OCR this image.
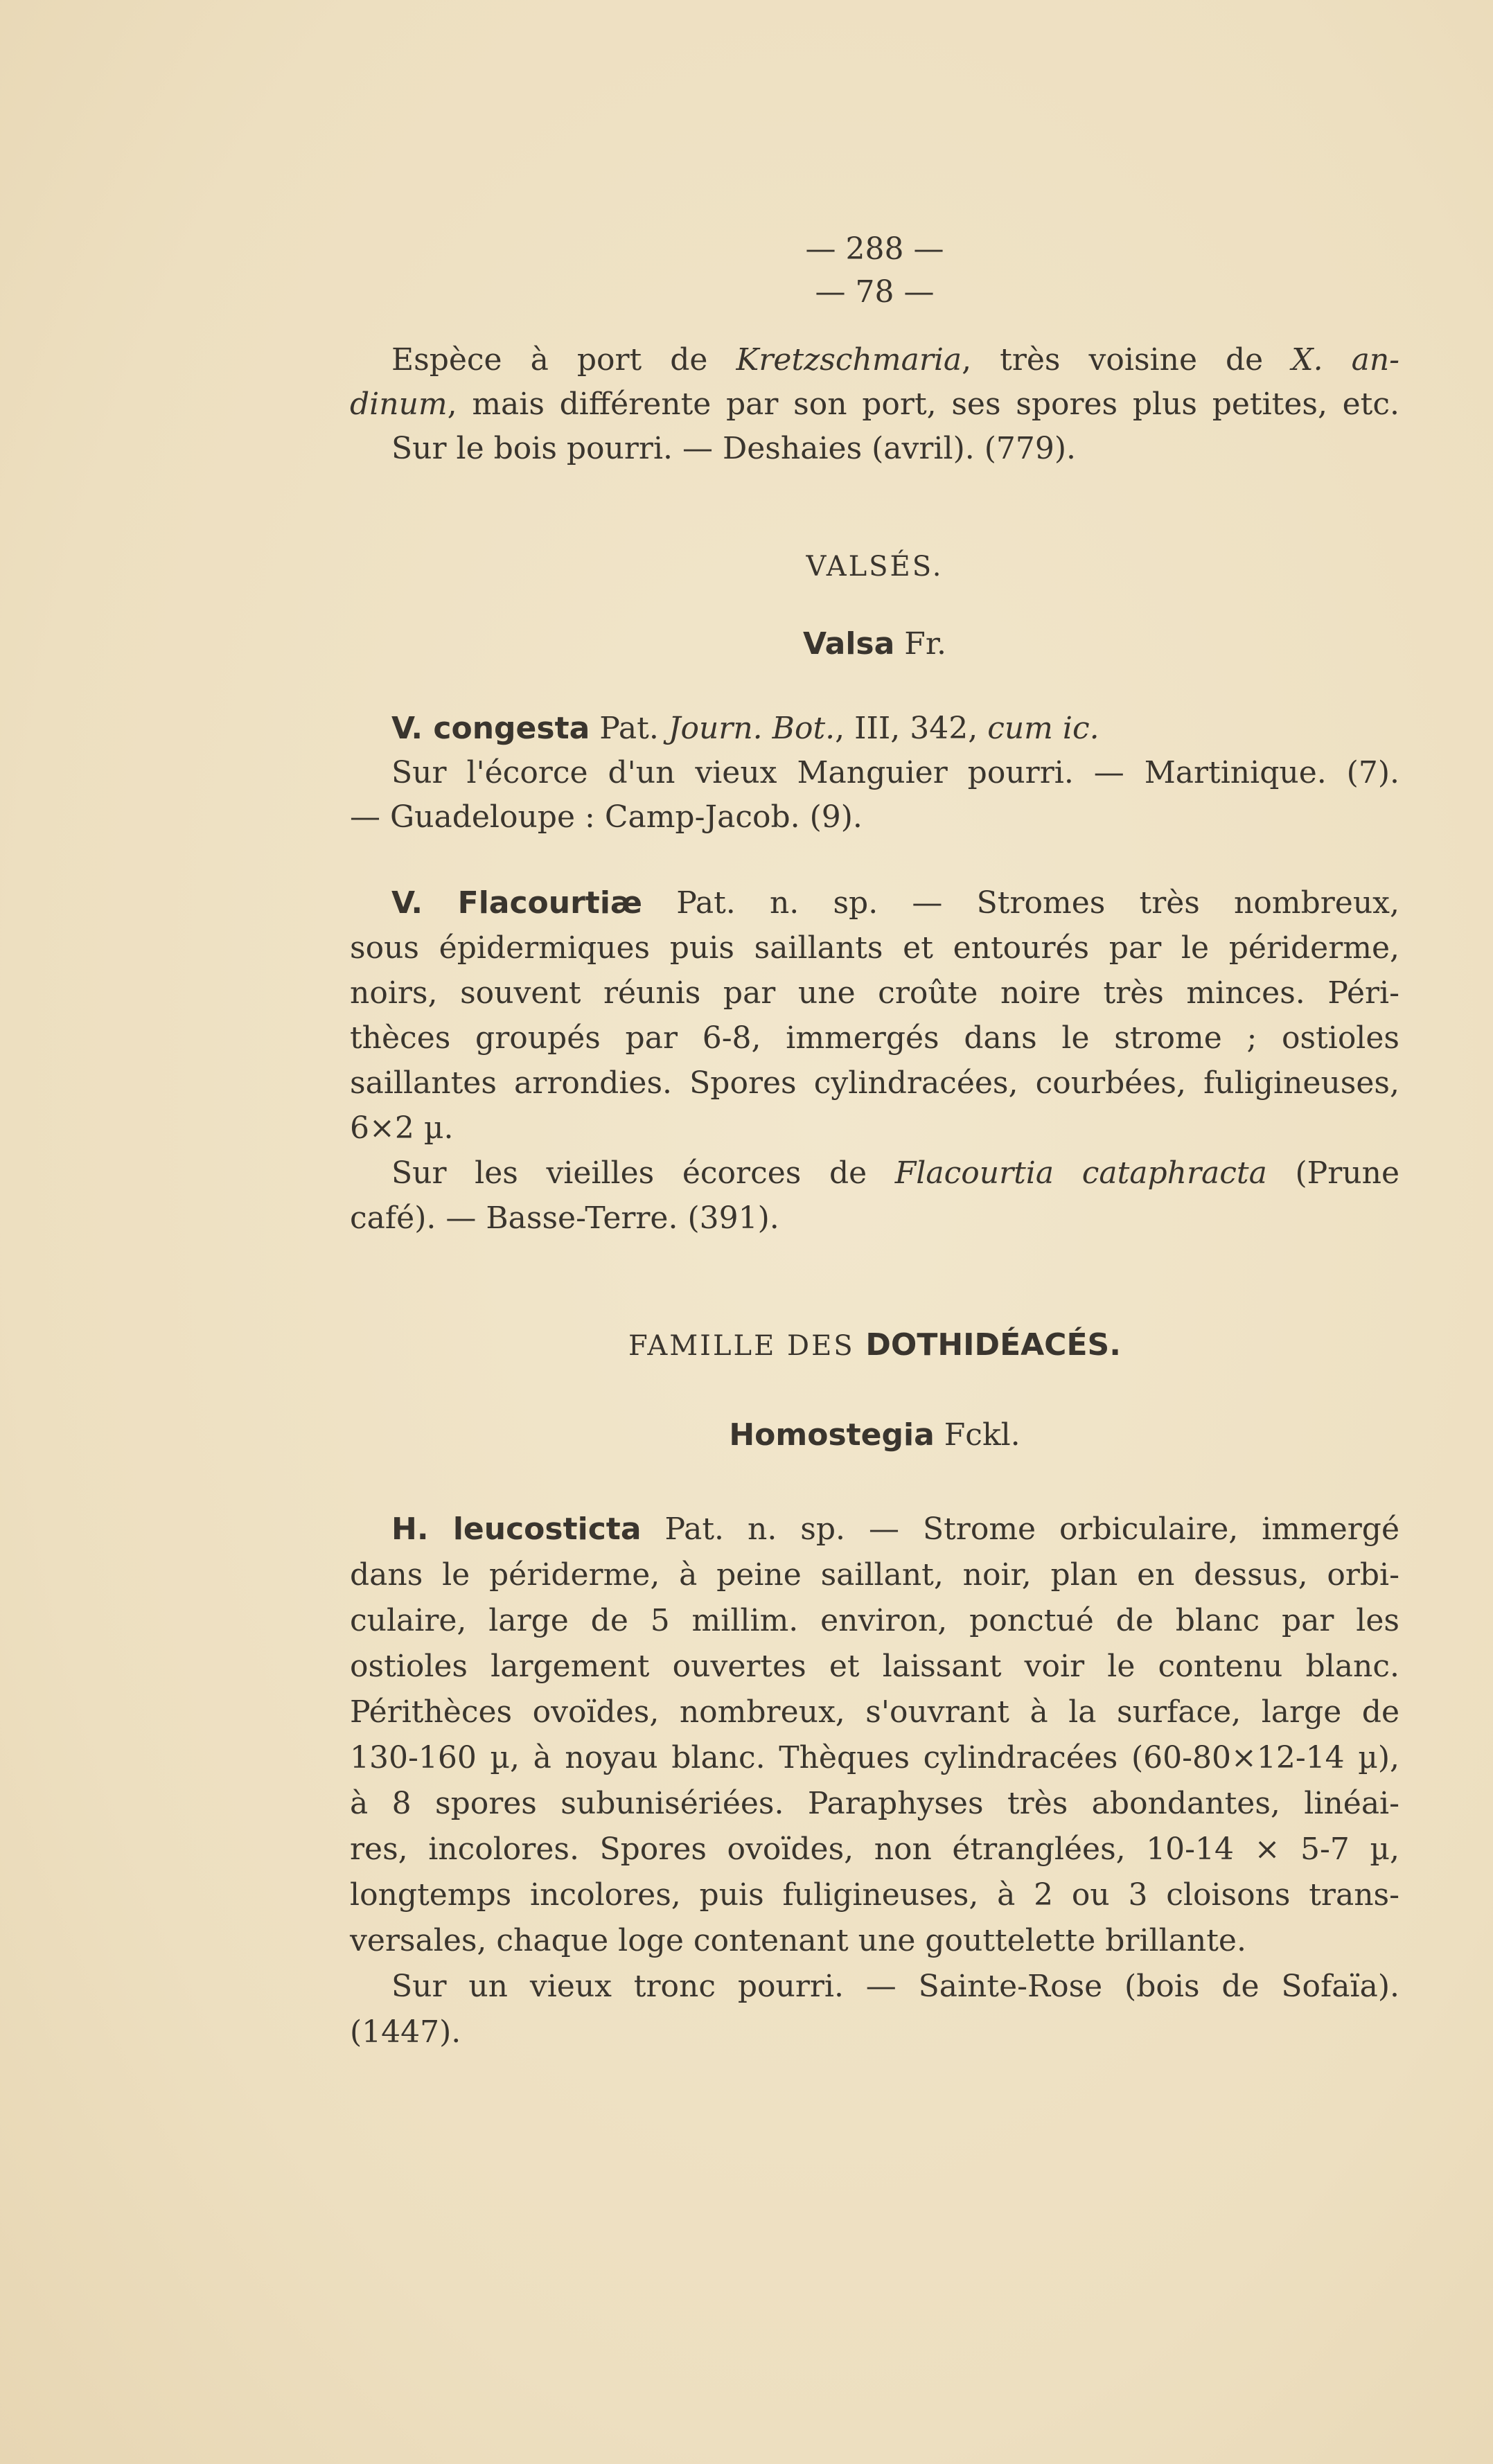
— 288 —
— 78 —
Espèce à port de Kretzschmaria, très voisine de X. an-
dinum, mais différente par son port, ses spores plus petites, etc.
Sur le bois pourri. — Deshaies (avril). (779).
VALSÉS.
Valsa Fr.
V. congesta Pat. Journ. Bot., III, 342, cum ic.
Sur l'écorce d'un vieux Manguier pourri. — Martinique. (7).
— Guadeloupe : Camp-Jacob. (9).
V. Flacourtiæ Pat. n. sp. — Stromes très nombreux,
sous épidermiques puis saillants et entourés par le périderme,
noirs, souvent réunis par une croûte noire très minces. Péri-
thèces groupés par 6-8, immergés dans le strome ; ostioles
saillantes arrondies. Spores cylindracées, courbées, fuligineuses,
6×2 µ.
Sur les vieilles écorces de Flacourtia cataphracta (Prune
café). — Basse-Terre. (391).
FAMILLE DES DOTHIDÉACÉS.
Homostegia Fckl.
H. leucosticta Pat. n. sp. — Strome orbiculaire, immergé
dans le périderme, à peine saillant, noir, plan en dessus, orbi-
culaire, large de 5 millim. environ, ponctué de blanc par les
ostioles largement ouvertes et laissant voir le contenu blanc.
Périthèces ovoïdes, nombreux, s'ouvrant à la surface, large de
130-160 µ, à noyau blanc. Thèques cylindracées (60-80×12-14 µ),
à 8 spores subunisériées. Paraphyses très abondantes, linéai-
res, incolores. Spores ovoïdes, non étranglées, 10-14 × 5-7 µ,
longtemps incolores, puis fuligineuses, à 2 ou 3 cloisons trans-
versales, chaque loge contenant une gouttelette brillante.
Sur un vieux tronc pourri. — Sainte-Rose (bois de Sofaïa).
(1447).
